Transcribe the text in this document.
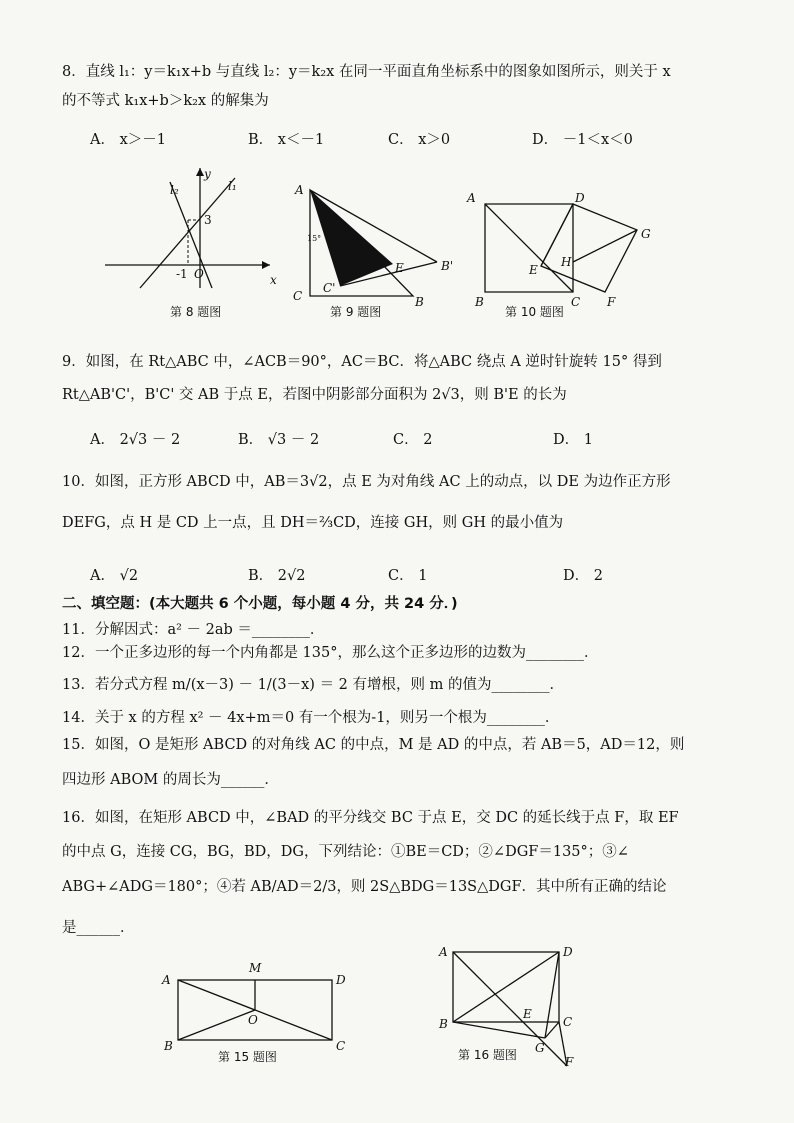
8．直线 l₁：y＝k₁x+b 与直线 l₂：y＝k₂x 在同一平面直角坐标系中的图象如图所示，则关于 x
的不等式 k₁x+b＞k₂x 的解集为
A． x＞－1	B． x＜－1	C． x＞0	D． －1＜x＜0
l₂	l₁
y
x
3
-1 O
第 8 题图
A
15°
C
C'
E	B'
B
第 9 题图
A	D
G
H
E
B	C F
第 10 题图
9．如图，在 Rt△ABC 中，∠ACB＝90°，AC＝BC．将△ABC 绕点 A 逆时针旋转 15° 得到
Rt△AB'C'，B'C' 交 AB 于点 E，若图中阴影部分面积为 2√3，则 B'E 的长为
A． 2√3 － 2	B． √3 － 2	C． 2	D． 1
10．如图，正方形 ABCD 中，AB＝3√2，点 E 为对角线 AC 上的动点，以 DE 为边作正方形
DEFG，点 H 是 CD 上一点，且 DH＝⅔CD，连接 GH，则 GH 的最小值为
A． √2	B． 2√2	C． 1	D． 2
二、填空题：(本大题共 6 个小题，每小题 4 分，共 24 分．)
11．分解因式：a² － 2ab ＝________．
12．一个正多边形的每一个内角都是 135°，那么这个正多边形的边数为________．
13．若分式方程 m/(x－3) － 1/(3－x) ＝ 2 有增根，则 m 的值为________．
14．关于 x 的方程 x² － 4x+m＝0 有一个根为-1，则另一个根为________．
15．如图，O 是矩形 ABCD 的对角线 AC 的中点，M 是 AD 的中点，若 AB＝5，AD＝12，则
四边形 ABOM 的周长为______．
16．如图，在矩形 ABCD 中，∠BAD 的平分线交 BC 于点 E，交 DC 的延长线于点 F，取 EF
的中点 G，连接 CG，BG，BD，DG，下列结论：①BE＝CD；②∠DGF＝135°；③∠
ABG+∠ADG＝180°；④若 AB/AD＝2/3，则 2S△BDG＝13S△DGF．其中所有正确的结论
是______．
A
M
D
O
B	C
第 15 题图
A	D
B
E
C
G
F
第 16 题图
